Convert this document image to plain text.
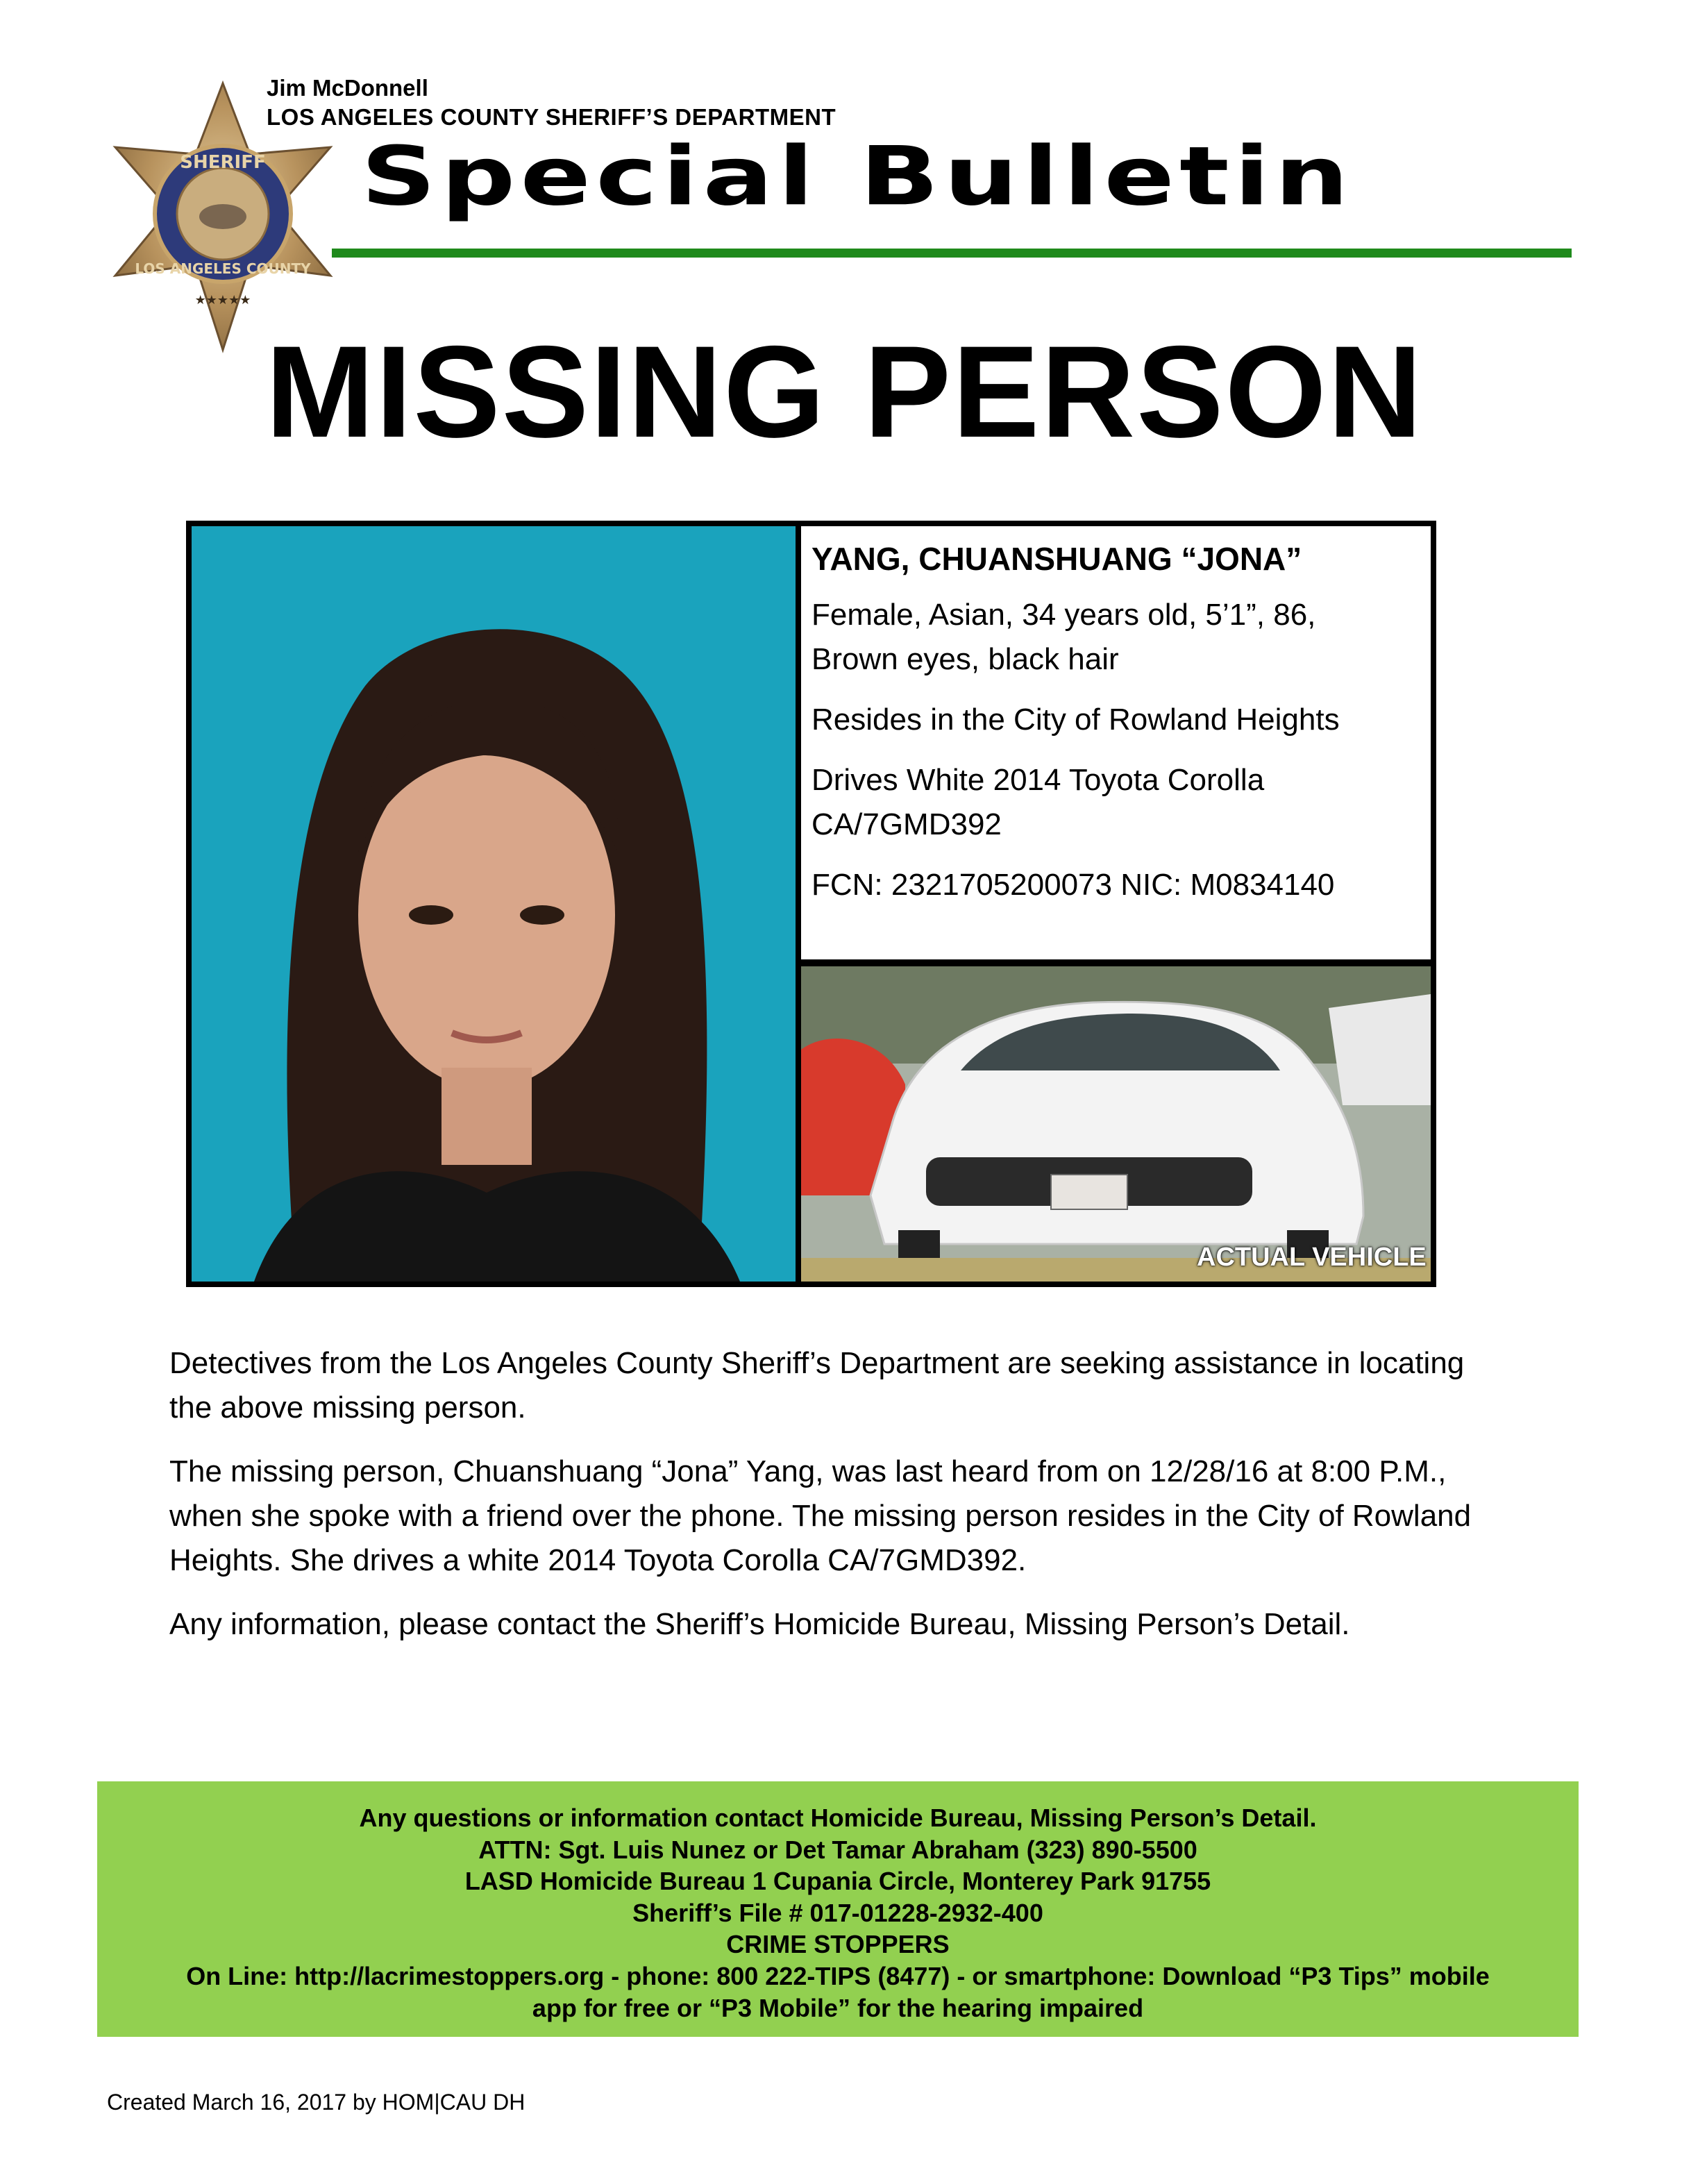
SHERIFF
LOS ANGELES COUNTY
★★★★★
Jim McDonnell
LOS ANGELES COUNTY SHERIFF’S DEPARTMENT
Special Bulletin
MISSING PERSON
YANG, CHUANSHUANG “JONA”
Female, Asian, 34 years old, 5’1”, 86,
Brown eyes, black hair
Resides in the City of Rowland Heights
Drives White 2014 Toyota Corolla
CA/7GMD392
FCN: 2321705200073 NIC: M0834140
ACTUAL VEHICLE

Detectives from the Los Angeles County Sheriff’s Department are seeking assistance in locating the above missing person.

The missing person, Chuanshuang “Jona” Yang, was last heard from on 12/28/16 at 8:00 P.M., when she spoke with a friend over the phone. The missing person resides in the City of Rowland Heights. She drives a white 2014 Toyota Corolla CA/7GMD392.

Any information, please contact the Sheriff’s Homicide Bureau, Missing Person’s Detail.

Any questions or information contact Homicide Bureau, Missing Person’s Detail.
ATTN: Sgt. Luis Nunez or Det Tamar Abraham (323) 890-5500
LASD Homicide Bureau 1 Cupania Circle, Monterey Park 91755
Sheriff’s File # 017-01228-2932-400
CRIME STOPPERS
On Line: http://lacrimestoppers.org - phone: 800 222-TIPS (8477) - or smartphone: Download “P3 Tips” mobile
app for free or “P3 Mobile” for the hearing impaired
Created March 16, 2017 by HOM|CAU DH
